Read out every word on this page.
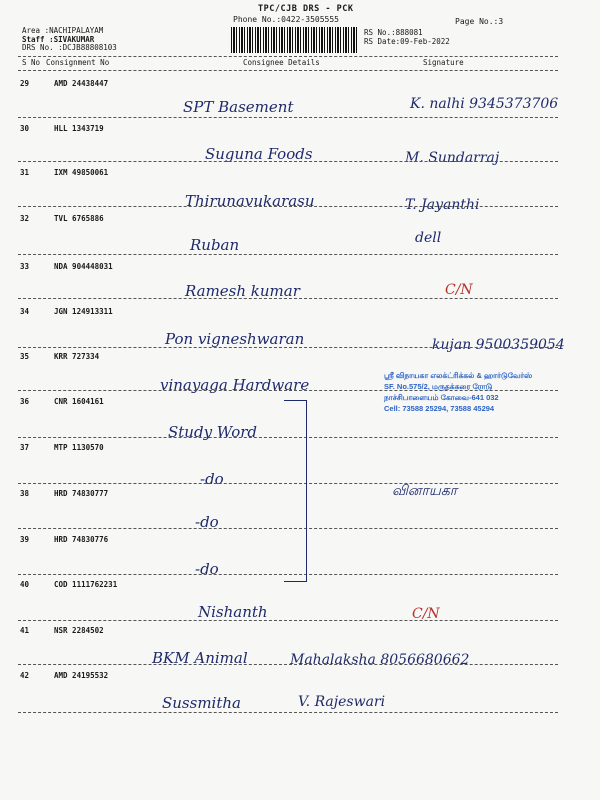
TPC/CJB DRS - PCK
Phone No.:0422-3505555	Page No.:3
Area :NACHIPALAYAM
Staff :SIVAKUMAR
DRS No. :DCJB88808103
RS No.:888081
RS Date:09-Feb-2022
S No Consignment No	Consignee Details	Signature
29	AMD 24438447
SPT Basement	K. nalhi 9345373706
30	HLL 1343719
Suguna Foods	M. Sundarraj
31	IXM 49850061
Thirunavukarasu	T. Jayanthi
32	TVL 6765886
Ruban	dell
33	NDA 904448031
Ramesh kumar	C/N
34	JGN 124913311
Pon vigneshwaran	kujan 9500359054
35	KRR 727334
vinayaga Hardware
36	CNR 1604161
Study Word
37	MTP 1130570
-do
38	HRD 74830777
-do
வினாயகா
39	HRD 74830776
-do
40	COD 1111762231
Nishanth	C/N
41	NSR 2284502
BKM Animal	Mahalaksha 8056680662
42	AMD 24195532
Sussmitha	V. Rajeswari
ஸ்ரீ விநாயகா எலக்ட்ரிக்கல் & ஹார்டுவேர்ஸ்
SF. No.575/2, மருதக்கரை ரோடு
நாச்சிபாளையம் கோவை-641 032
Cell: 73588 25294, 73588 45294
